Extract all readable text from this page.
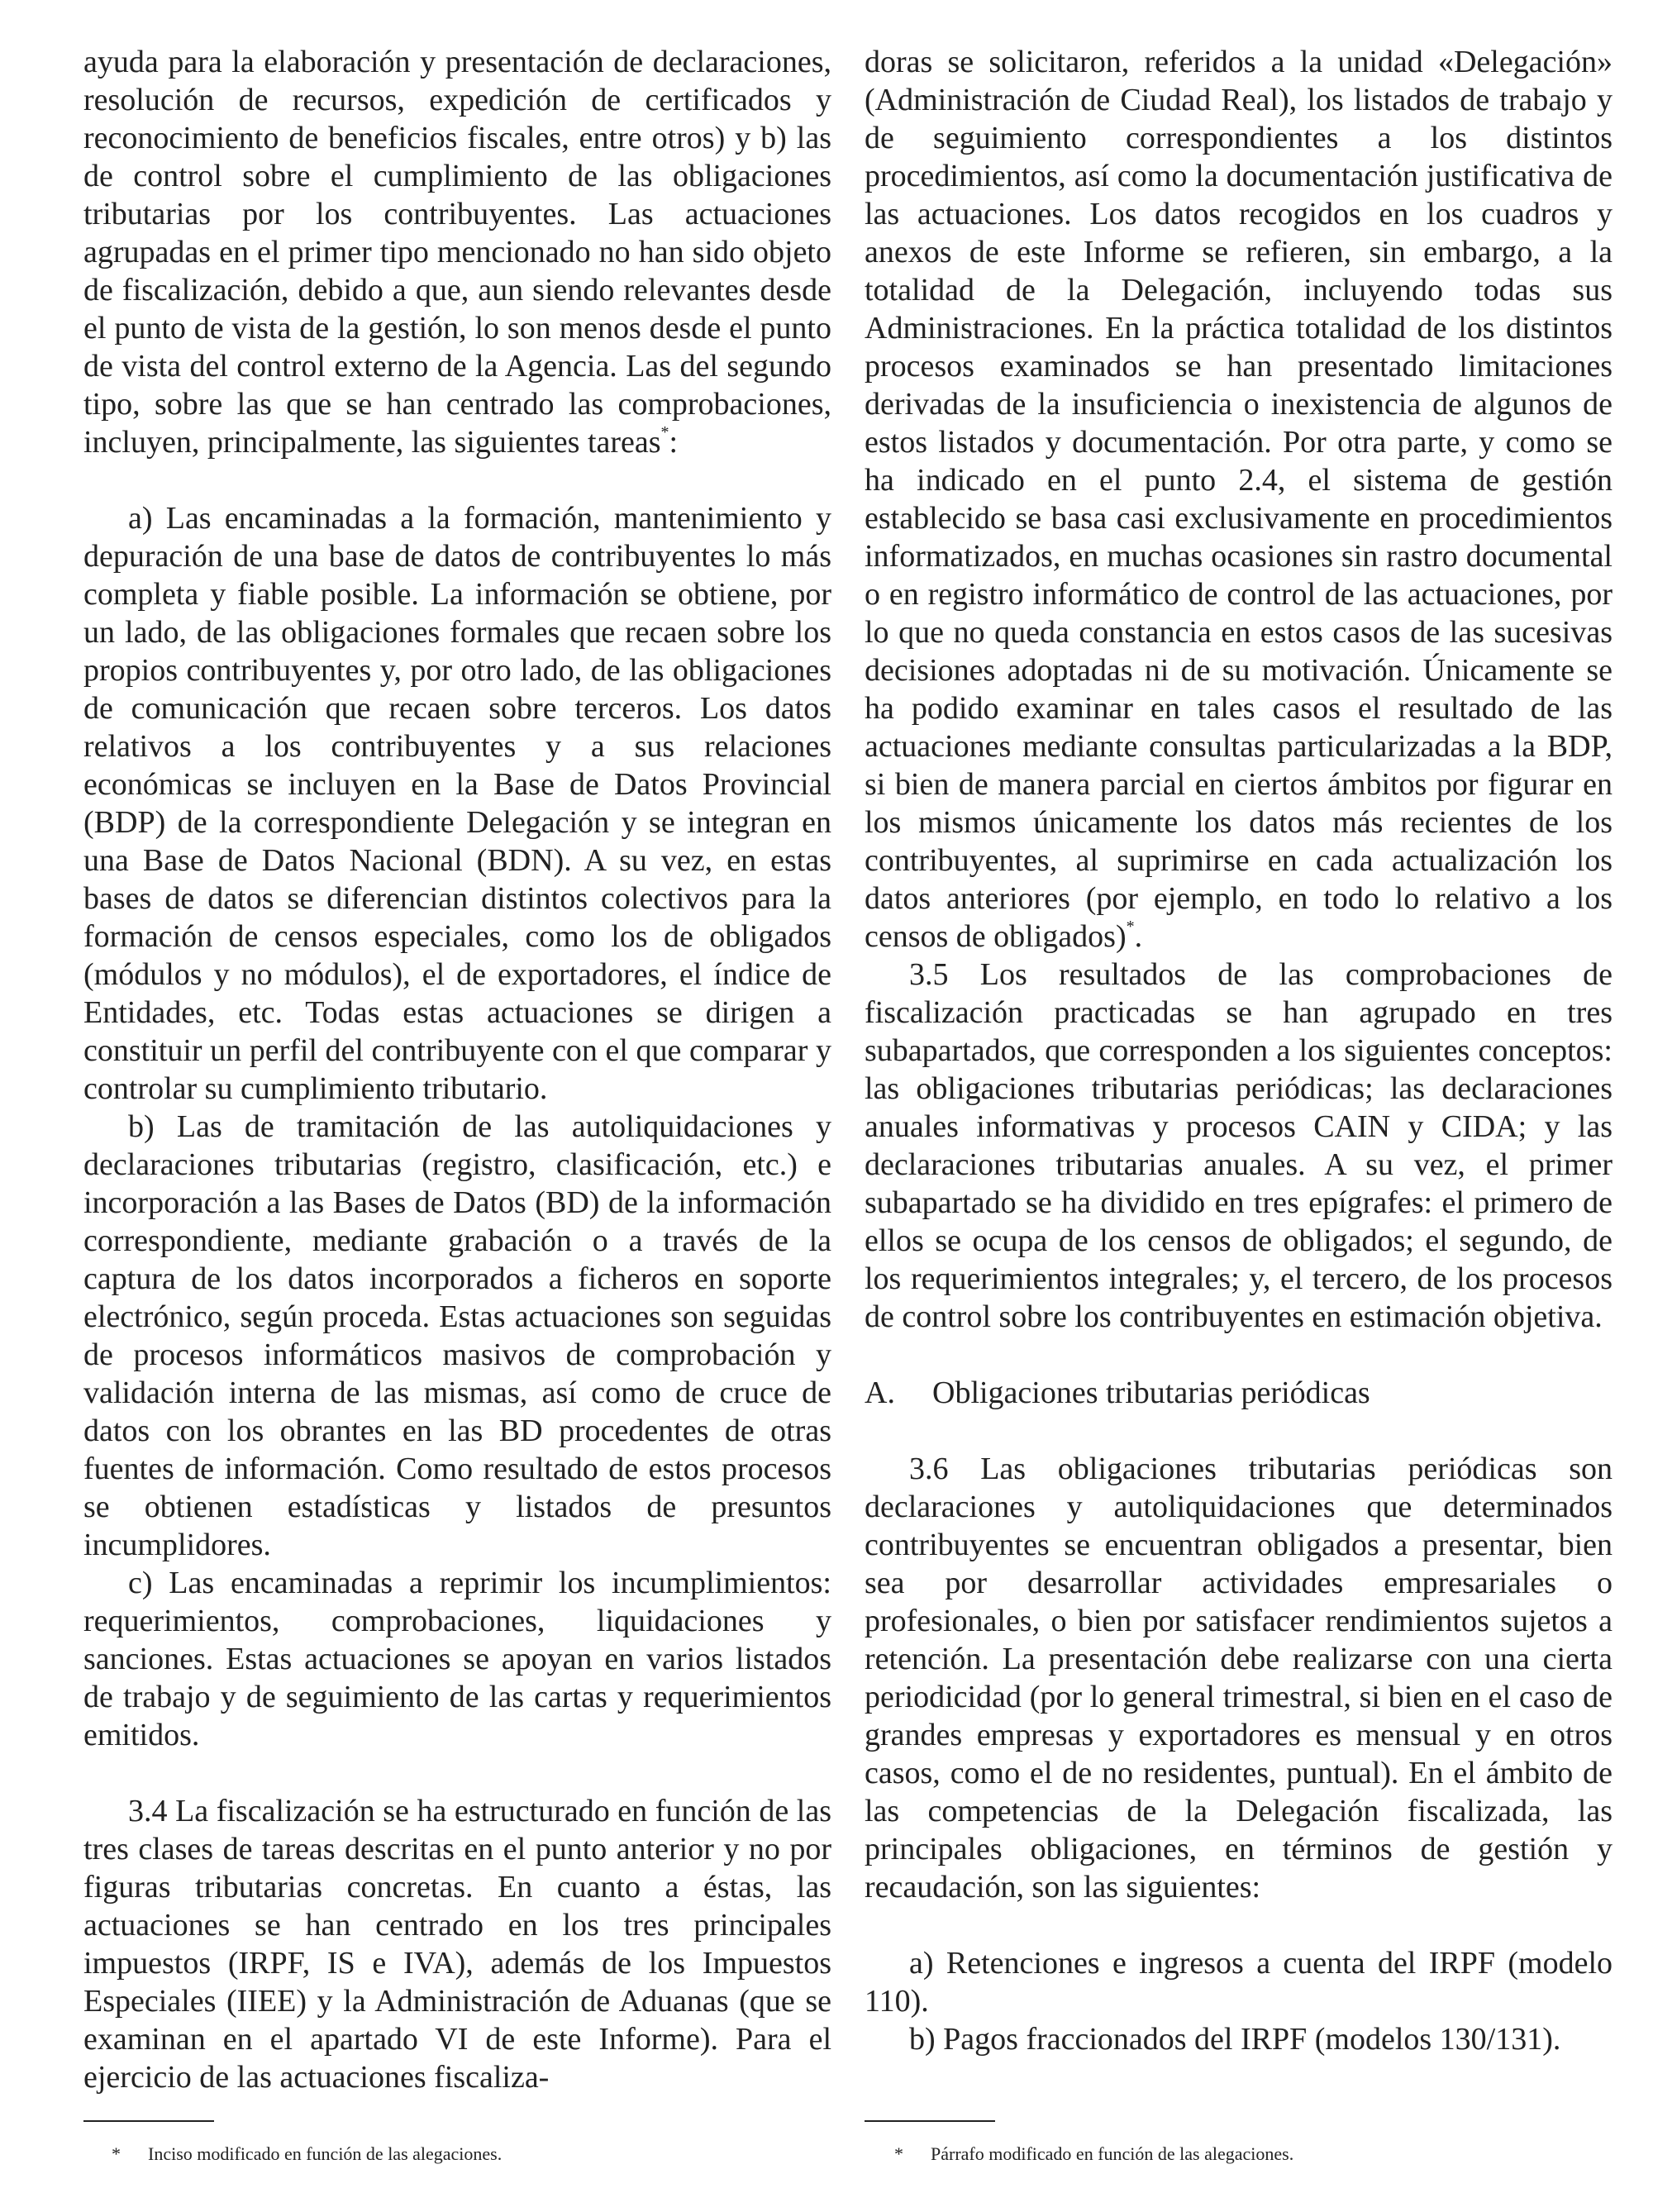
ayuda para la elaboración y presentación de declaraciones, resolución de recursos, expedición de certificados y reconocimiento de beneficios fiscales, entre otros) y b) las de control sobre el cumplimiento de las obligaciones tributarias por los contribuyentes. Las actuaciones agrupadas en el primer tipo mencionado no han sido objeto de fiscalización, debido a que, aun siendo relevantes desde el punto de vista de la gestión, lo son menos desde el punto de vista del control externo de la Agencia. Las del segundo tipo, sobre las que se han centrado las comprobaciones, incluyen, principalmente, las siguientes tareas*:

a) Las encaminadas a la formación, mantenimiento y depuración de una base de datos de contribuyentes lo más completa y fiable posible. La información se obtiene, por un lado, de las obligaciones formales que recaen sobre los propios contribuyentes y, por otro lado, de las obligaciones de comunicación que recaen sobre terceros. Los datos relativos a los contribuyentes y a sus relaciones económicas se incluyen en la Base de Datos Provincial (BDP) de la correspondiente Delegación y se integran en una Base de Datos Nacional (BDN). A su vez, en estas bases de datos se diferencian distintos colectivos para la formación de censos especiales, como los de obligados (módulos y no módulos), el de exportadores, el índice de Entidades, etc. Todas estas actuaciones se dirigen a constituir un perfil del contribuyente con el que comparar y controlar su cumplimiento tributario.

b) Las de tramitación de las autoliquidaciones y declaraciones tributarias (registro, clasificación, etc.) e incorporación a las Bases de Datos (BD) de la información correspondiente, mediante grabación o a través de la captura de los datos incorporados a ficheros en soporte electrónico, según proceda. Estas actuaciones son seguidas de procesos informáticos masivos de comprobación y validación interna de las mismas, así como de cruce de datos con los obrantes en las BD procedentes de otras fuentes de información. Como resultado de estos procesos se obtienen estadísticas y listados de presuntos incumplidores.

c) Las encaminadas a reprimir los incumplimientos: requerimientos, comprobaciones, liquidaciones y sanciones. Estas actuaciones se apoyan en varios listados de trabajo y de seguimiento de las cartas y requerimientos emitidos.

3.4 La fiscalización se ha estructurado en función de las tres clases de tareas descritas en el punto anterior y no por figuras tributarias concretas. En cuanto a éstas, las actuaciones se han centrado en los tres principales impuestos (IRPF, IS e IVA), además de los Impuestos Especiales (IIEE) y la Administración de Aduanas (que se examinan en el apartado VI de este Informe). Para el ejercicio de las actuaciones fiscaliza-

doras se solicitaron, referidos a la unidad «Delegación» (Administración de Ciudad Real), los listados de trabajo y de seguimiento correspondientes a los distintos procedimientos, así como la documentación justificativa de las actuaciones. Los datos recogidos en los cuadros y anexos de este Informe se refieren, sin embargo, a la totalidad de la Delegación, incluyendo todas sus Administraciones. En la práctica totalidad de los distintos procesos examinados se han presentado limitaciones derivadas de la insuficiencia o inexistencia de algunos de estos listados y documentación. Por otra parte, y como se ha indicado en el punto 2.4, el sistema de gestión establecido se basa casi exclusivamente en procedimientos informatizados, en muchas ocasiones sin rastro documental o en registro informático de control de las actuaciones, por lo que no queda constancia en estos casos de las sucesivas decisiones adoptadas ni de su motivación. Únicamente se ha podido examinar en tales casos el resultado de las actuaciones mediante consultas particularizadas a la BDP, si bien de manera parcial en ciertos ámbitos por figurar en los mismos únicamente los datos más recientes de los contribuyentes, al suprimirse en cada actualización los datos anteriores (por ejemplo, en todo lo relativo a los censos de obligados)*.

3.5 Los resultados de las comprobaciones de fiscalización practicadas se han agrupado en tres subapartados, que corresponden a los siguientes conceptos: las obligaciones tributarias periódicas; las declaraciones anuales informativas y procesos CAIN y CIDA; y las declaraciones tributarias anuales. A su vez, el primer subapartado se ha dividido en tres epígrafes: el primero de ellos se ocupa de los censos de obligados; el segundo, de los requerimientos integrales; y, el tercero, de los procesos de control sobre los contribuyentes en estimación objetiva.

A. Obligaciones tributarias periódicas

3.6 Las obligaciones tributarias periódicas son declaraciones y autoliquidaciones que determinados contribuyentes se encuentran obligados a presentar, bien sea por desarrollar actividades empresariales o profesionales, o bien por satisfacer rendimientos sujetos a retención. La presentación debe realizarse con una cierta periodicidad (por lo general trimestral, si bien en el caso de grandes empresas y exportadores es mensual y en otros casos, como el de no residentes, puntual). En el ámbito de las competencias de la Delegación fiscalizada, las principales obligaciones, en términos de gestión y recaudación, son las siguientes:

a) Retenciones e ingresos a cuenta del IRPF (modelo 110).

b) Pagos fraccionados del IRPF (modelos 130/131).

* Inciso modificado en función de las alegaciones.	* Párrafo modificado en función de las alegaciones.
